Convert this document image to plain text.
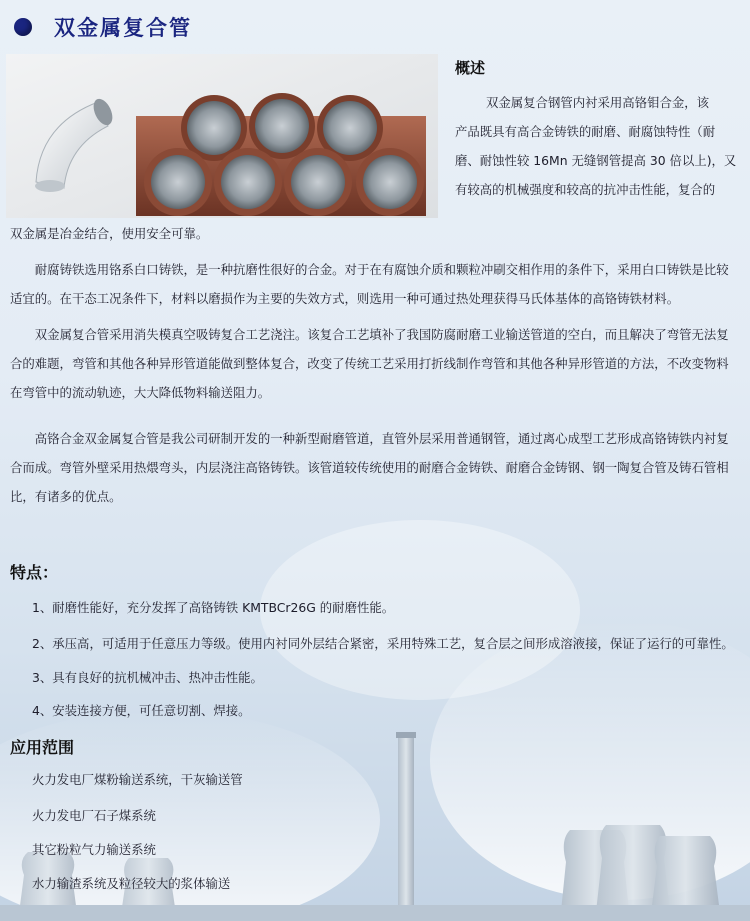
双金属复合管
概述
双金属复合钢管内衬采用高铬钼合金，该
产品既具有高合金铸铁的耐磨、耐腐蚀特性（耐
磨、耐蚀性较 16Mn 无缝钢管提高 30 倍以上)，又
有较高的机械强度和较高的抗冲击性能，复合的
双金属是冶金结合，使用安全可靠。
耐腐铸铁选用铬系白口铸铁，是一种抗磨性很好的合金。对于在有腐蚀介质和颗粒冲刷交相作用的条件下，采用白口铸铁是比较适宜的。在干态工况条件下，材料以磨损作为主要的失效方式，则选用一种可通过热处理获得马氏体基体的高铬铸铁材料。
双金属复合管采用消失模真空吸铸复合工艺浇注。该复合工艺填补了我国防腐耐磨工业输送管道的空白，而且解决了弯管无法复合的难题，弯管和其他各种异形管道能做到整体复合，改变了传统工艺采用打折线制作弯管和其他各种异形管道的方法，不改变物料在弯管中的流动轨迹，大大降低物料输送阻力。
高铬合金双金属复合管是我公司研制开发的一种新型耐磨管道，直管外层采用普通钢管，通过离心成型工艺形成高铬铸铁内衬复合而成。弯管外壁采用热煨弯头，内层浇注高铬铸铁。该管道较传统使用的耐磨合金铸铁、耐磨合金铸钢、钢一陶复合管及铸石管相比，有诸多的优点。
特点：
1、耐磨性能好，充分发挥了高铬铸铁 KMTBCr26G 的耐磨性能。
2、承压高，可适用于任意压力等级。使用内衬同外层结合紧密，采用特殊工艺，复合层之间形成溶液接，保证了运行的可靠性。
3、具有良好的抗机械冲击、热冲击性能。
4、安装连接方便，可任意切割、焊接。
应用范围
火力发电厂煤粉输送系统，干灰输送管
火力发电厂石子煤系统
其它粉粒气力输送系统
水力输渣系统及粒径较大的浆体输送
